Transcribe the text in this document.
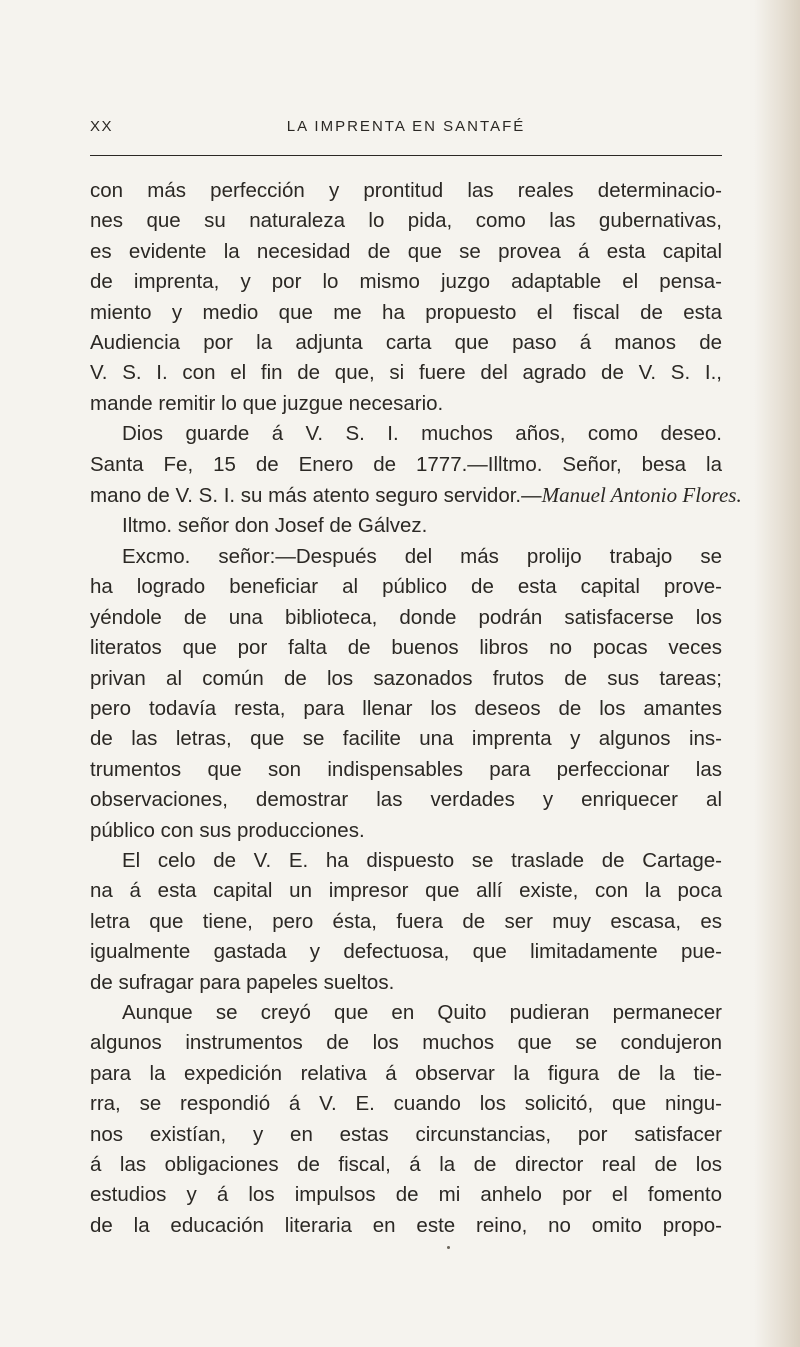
XX	LA IMPRENTA EN SANTAFÉ
con más perfección y prontitud las reales determinacio-
nes que su naturaleza lo pida, como las gubernativas,
es evidente la necesidad de que se provea á esta capital
de imprenta, y por lo mismo juzgo adaptable el pensa-
miento y medio que me ha propuesto el fiscal de esta
Audiencia por la adjunta carta que paso á manos de
V. S. I. con el fin de que, si fuere del agrado de V. S. I.,
mande remitir lo que juzgue necesario.
Dios guarde á V. S. I. muchos años, como deseo.
Santa Fe, 15 de Enero de 1777.—Illtmo. Señor, besa la
mano de V. S. I. su más atento seguro servidor.—Manuel Antonio Flores.
Iltmo. señor don Josef de Gálvez.
Excmo. señor:—Después del más prolijo trabajo se
ha logrado beneficiar al público de esta capital prove-
yéndole de una biblioteca, donde podrán satisfacerse los
literatos que por falta de buenos libros no pocas veces
privan al común de los sazonados frutos de sus tareas;
pero todavía resta, para llenar los deseos de los amantes
de las letras, que se facilite una imprenta y algunos ins-
trumentos que son indispensables para perfeccionar las
observaciones, demostrar las verdades y enriquecer al
público con sus producciones.
El celo de V. E. ha dispuesto se traslade de Cartage-
na á esta capital un impresor que allí existe, con la poca
letra que tiene, pero ésta, fuera de ser muy escasa, es
igualmente gastada y defectuosa, que limitadamente pue-
de sufragar para papeles sueltos.
Aunque se creyó que en Quito pudieran permanecer
algunos instrumentos de los muchos que se condujeron
para la expedición relativa á observar la figura de la tie-
rra, se respondió á V. E. cuando los solicitó, que ningu-
nos existían, y en estas circunstancias, por satisfacer
á las obligaciones de fiscal, á la de director real de los
estudios y á los impulsos de mi anhelo por el fomento
de la educación literaria en este reino, no omito propo-
